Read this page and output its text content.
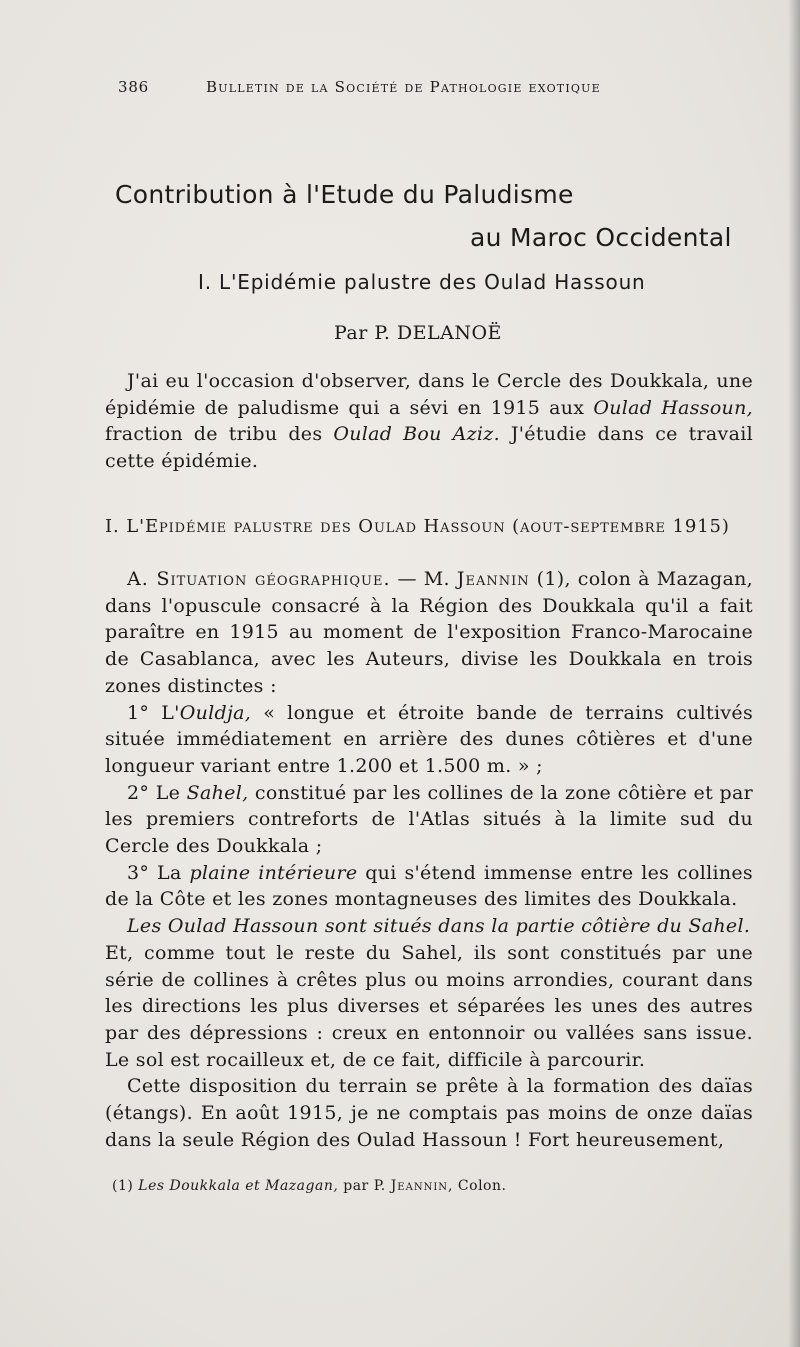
386	Bulletin de la Société de Pathologie exotique
Contribution à l'Etude du Paludisme
au Maroc Occidental
I. L'Epidémie palustre des Oulad Hassoun
Par P. DELANOË

J'ai eu l'occasion d'observer, dans le Cercle des Doukkala, une épidémie de paludisme qui a sévi en 1915 aux Oulad Hassoun, fraction de tribu des Oulad Bou Aziz. J'étudie dans ce travail cette épidémie.

I. L'Epidémie palustre des Oulad Hassoun (aout-septembre 1915)

A. Situation géographique. — M. Jeannin (1), colon à Mazagan, dans l'opuscule consacré à la Région des Doukkala qu'il a fait paraître en 1915 au moment de l'exposition Franco-Marocaine de Casablanca, avec les Auteurs, divise les Doukkala en trois zones distinctes :

1° L'Ouldja, « longue et étroite bande de terrains cultivés située immédiatement en arrière des dunes côtières et d'une longueur variant entre 1.200 et 1.500 m. » ;

2° Le Sahel, constitué par les collines de la zone côtière et par les premiers contreforts de l'Atlas situés à la limite sud du Cercle des Doukkala ;

3° La plaine intérieure qui s'étend immense entre les collines de la Côte et les zones montagneuses des limites des Doukkala.

Les Oulad Hassoun sont situés dans la partie côtière du Sahel.

Et, comme tout le reste du Sahel, ils sont constitués par une série de collines à crêtes plus ou moins arrondies, courant dans les directions les plus diverses et séparées les unes des autres par des dépressions : creux en entonnoir ou vallées sans issue. Le sol est rocailleux et, de ce fait, difficile à parcourir.

Cette disposition du terrain se prête à la formation des daïas (étangs). En août 1915, je ne comptais pas moins de onze daïas dans la seule Région des Oulad Hassoun ! Fort heureusement,

(1) Les Doukkala et Mazagan, par P. Jeannin, Colon.
